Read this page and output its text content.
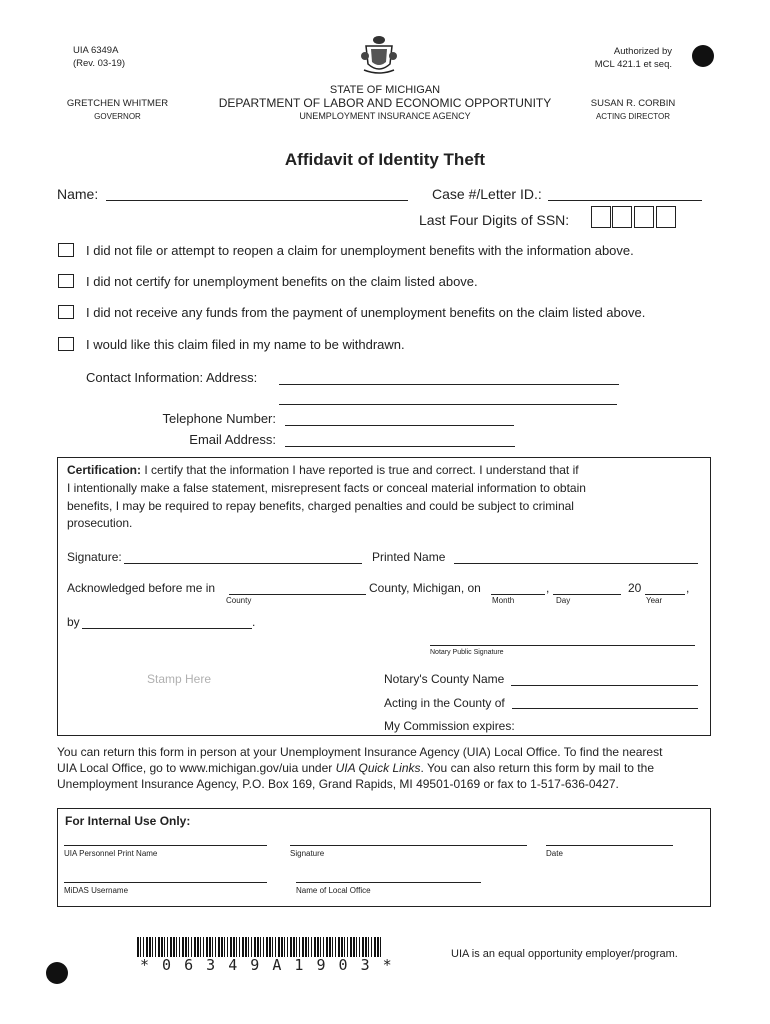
UIA 6349A
(Rev. 03-19)
Authorized by
MCL 421.1 et seq.
STATE OF MICHIGAN
DEPARTMENT OF LABOR AND ECONOMIC OPPORTUNITY
UNEMPLOYMENT INSURANCE AGENCY
GRETCHEN WHITMER
GOVERNOR
SUSAN R. CORBIN
ACTING DIRECTOR
Affidavit of Identity Theft
Name:	Case #/Letter ID.:
Last Four Digits of SSN:
I did not file or attempt to reopen a claim for unemployment benefits with the information above.
I did not certify for unemployment benefits on the claim listed above.
I did not receive any funds from the payment of unemployment benefits on the claim listed above.
I would like this claim filed in my name to be withdrawn.
Contact Information: Address:
Telephone Number:
Email Address:
Certification: I certify that the information I have reported is true and correct. I understand that if
I intentionally make a false statement, misrepresent facts or conceal material information to obtain
benefits, I may be required to repay benefits, charged penalties and could be subject to criminal
prosecution.
Signature:	Printed Name
Acknowledged before me in
County
County, Michigan, on	,
Month	Day
20	,
Year
by	.
Notary Public Signature
Stamp Here	Notary's County Name
Acting in the County of
My Commission expires:
You can return this form in person at your Unemployment Insurance Agency (UIA) Local Office. To find the nearest
UIA Local Office, go to www.michigan.gov/uia under UIA Quick Links. You can also return this form by mail to the
Unemployment Insurance Agency, P.O. Box 169, Grand Rapids, MI 49501-0169 or fax to 1-517-636-0427.
For Internal Use Only:
UIA Personnel Print Name	Signature	Date
MiDAS Username	Name of Local Office
* 0 6 3 4 9 A 1 9 0 3 *
UIA is an equal opportunity employer/program.
